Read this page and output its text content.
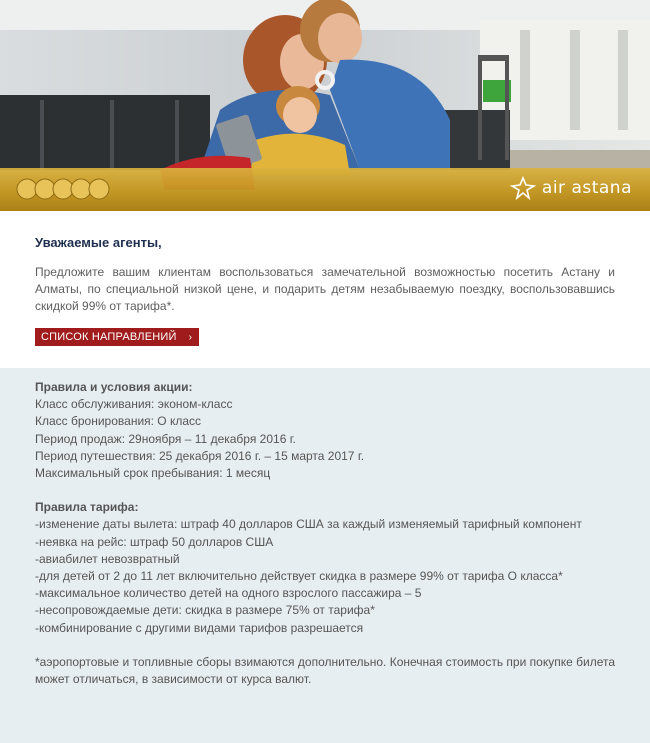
air astana
Уважаемые агенты,
Предложите вашим клиентам воспользоваться замечательной возможностью посетить Астану и Алматы, по специальной низкой цене, и подарить детям незабываемую поездку, воспользовавшись скидкой 99% от тарифа*.
СПИСОК НАПРАВЛЕНИЙ ›
Правила и условия акции:
Класс обслуживания: эконом-класс
Класс бронирования: О класс
Период продаж: 29ноября – 11 декабря 2016 г.
Период путешествия: 25 декабря 2016 г. – 15 марта 2017 г.
Максимальный срок пребывания: 1 месяц
Правила тарифа:
-изменение даты вылета: штраф 40 долларов США за каждый изменяемый тарифный компонент
-неявка на рейс: штраф 50 долларов США
-авиабилет невозвратный
-для детей от 2 до 11 лет включительно действует скидка в размере 99% от тарифа О класса*
-максимальное количество детей на одного взрослого пассажира – 5
-несопровождаемые дети: скидка в размере 75% от тарифа*
-комбинирование с другими видами тарифов разрешается
*аэропортовые и топливные сборы взимаются дополнительно. Конечная стоимость при покупке билета может отличаться, в зависимости от курса валют.
